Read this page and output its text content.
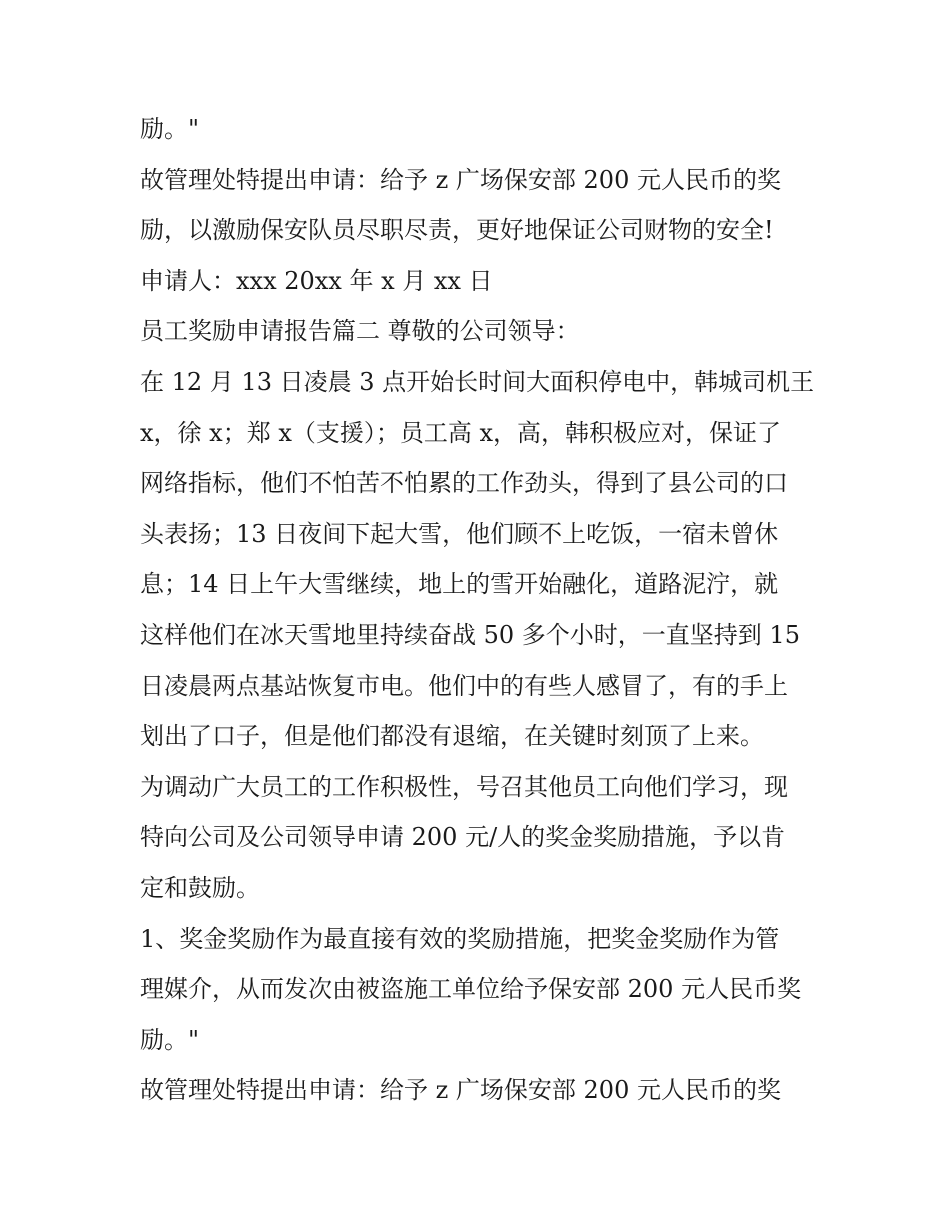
励。"
故管理处特提出申请：给予 z 广场保安部 200 元人民币的奖
励，以激励保安队员尽职尽责，更好地保证公司财物的安全!
申请人：xxx 20xx 年 x 月 xx 日
员工奖励申请报告篇二 尊敬的公司领导：
在 12 月 13 日凌晨 3 点开始长时间大面积停电中，韩城司机王
x，徐 x；郑 x（支援）；员工高 x，高，韩积极应对，保证了
网络指标，他们不怕苦不怕累的工作劲头，得到了县公司的口
头表扬；13 日夜间下起大雪，他们顾不上吃饭，一宿未曾休
息；14 日上午大雪继续，地上的雪开始融化，道路泥泞，就
这样他们在冰天雪地里持续奋战 50 多个小时，一直坚持到 15
日凌晨两点基站恢复市电。他们中的有些人感冒了，有的手上
划出了口子，但是他们都没有退缩，在关键时刻顶了上来。
为调动广大员工的工作积极性，号召其他员工向他们学习，现
特向公司及公司领导申请 200 元/人的奖金奖励措施，予以肯
定和鼓励。
1、奖金奖励作为最直接有效的奖励措施，把奖金奖励作为管
理媒介，从而发次由被盗施工单位给予保安部 200 元人民币奖
励。"
故管理处特提出申请：给予 z 广场保安部 200 元人民币的奖
